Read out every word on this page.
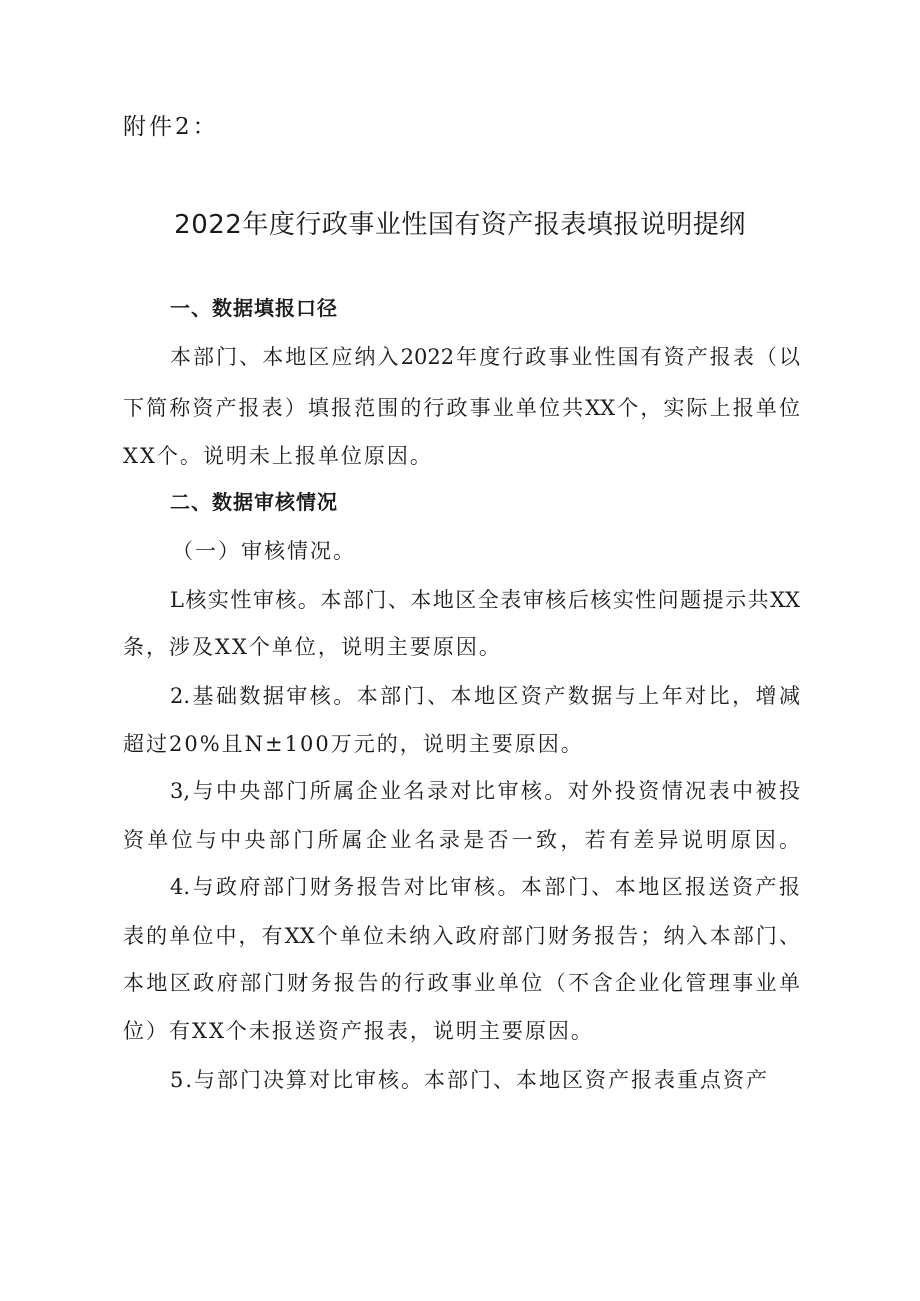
附件2：
2022年度行政事业性国有资产报表填报说明提纲
一、数据填报口径
本部门、本地区应纳入2022年度行政事业性国有资产报表（以
下简称资产报表）填报范围的行政事业单位共XX个，实际上报单位
XX个。说明未上报单位原因。
二、数据审核情况
（一）审核情况。
L核实性审核。本部门、本地区全表审核后核实性问题提示共XX
条，涉及XX个单位，说明主要原因。
2.基础数据审核。本部门、本地区资产数据与上年对比，增减
超过20%且N±100万元的，说明主要原因。
3,与中央部门所属企业名录对比审核。对外投资情况表中被投
资单位与中央部门所属企业名录是否一致，若有差异说明原因。
4.与政府部门财务报告对比审核。本部门、本地区报送资产报
表的单位中，有XX个单位未纳入政府部门财务报告；纳入本部门、
本地区政府部门财务报告的行政事业单位（不含企业化管理事业单
位）有XX个未报送资产报表，说明主要原因。
5.与部门决算对比审核。本部门、本地区资产报表重点资产
